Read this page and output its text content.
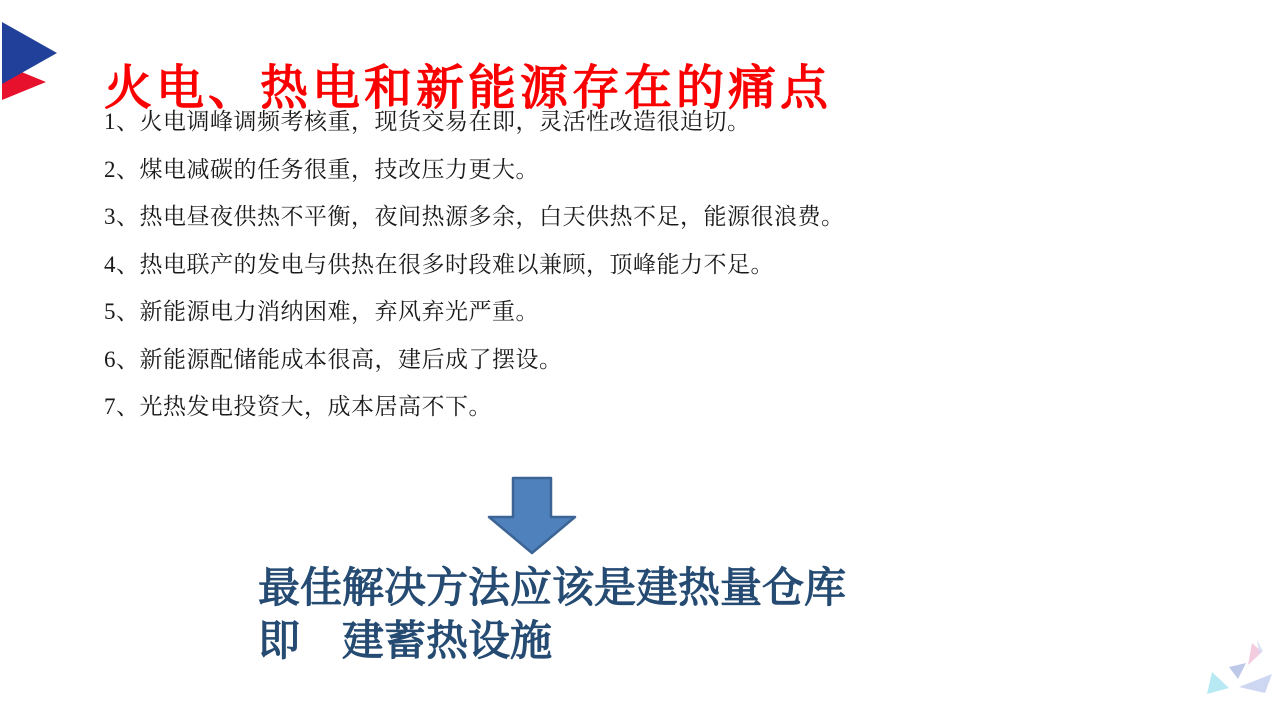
火电、热电和新能源存在的痛点
1、火电调峰调频考核重，现货交易在即，灵活性改造很迫切。
2、煤电减碳的任务很重，技改压力更大。
3、热电昼夜供热不平衡，夜间热源多余，白天供热不足，能源很浪费。
4、热电联产的发电与供热在很多时段难以兼顾，顶峰能力不足。
5、新能源电力消纳困难，弃风弃光严重。
6、新能源配储能成本很高，建后成了摆设。
7、光热发电投资大，成本居高不下。
最佳解决方法应该是建热量仓库
即　建蓄热设施
